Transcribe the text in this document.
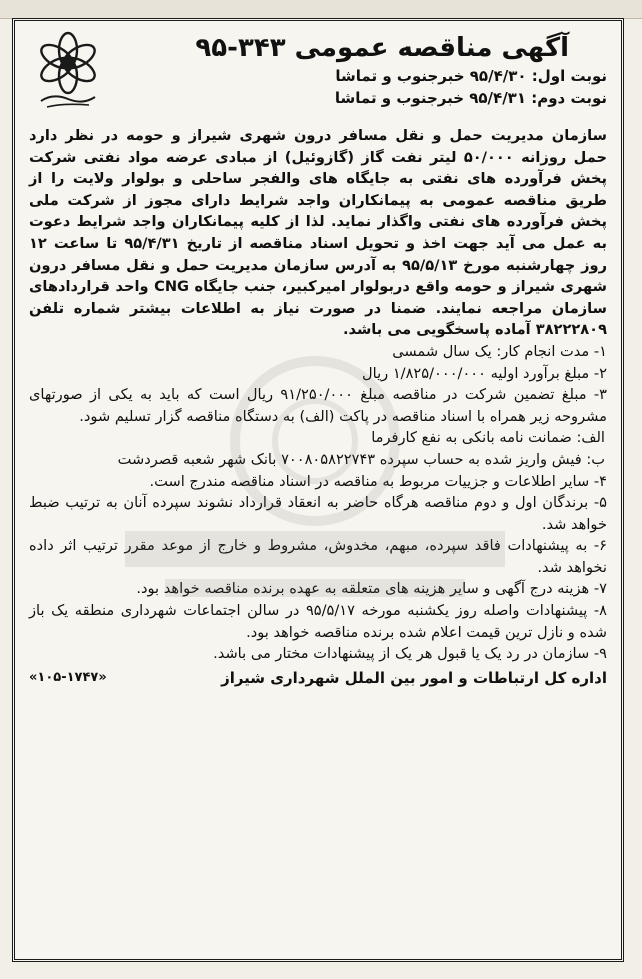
آگهی مناقصه عمومی ۳۴۳-۹۵
نوبت اول: ۹۵/۴/۳۰ خبرجنوب و تماشا
نوبت دوم: ۹۵/۴/۳۱ خبرجنوب و تماشا

سازمان مدیریت حمل و نقل مسافر درون شهری شیراز و حومه در نظر دارد حمل روزانه ۵۰/۰۰۰ لیتر نفت گاز (گازوئیل) از مبادی عرضه مواد نفتی شرکت پخش فرآورده های نفتی به جایگاه های والفجر ساحلی و بولوار ولایت را از طریق مناقصه عمومی به پیمانکاران واجد شرایط دارای مجوز از شرکت ملی پخش فرآورده های نفتی واگذار نماید. لذا از کلیه پیمانکاران واجد شرایط دعوت به عمل می آید جهت اخذ و تحویل اسناد مناقصه از تاریخ ۹۵/۴/۳۱ تا ساعت ۱۲ روز چهارشنبه مورخ ۹۵/۵/۱۳ به آدرس سازمان مدیریت حمل و نقل مسافر درون شهری شیراز و حومه واقع دربولوار امیرکبیر، جنب جایگاه CNG واحد قراردادهای سازمان مراجعه نمایند. ضمنا در صورت نیاز به اطلاعات بیشتر شماره تلفن ۳۸۲۲۲۸۰۹ آماده پاسخگویی می باشد.

۱- مدت انجام کار: یک سال شمسی
۲- مبلغ برآورد اولیه ۱/۸۲۵/۰۰۰/۰۰۰ ریال
۳- مبلغ تضمین شرکت در مناقصه مبلغ ۹۱/۲۵۰/۰۰۰ ریال است که باید به یکی از صورتهای مشروحه زیر همراه با اسناد مناقصه در پاکت (الف) به دستگاه مناقصه گزار تسلیم شود.
الف: ضمانت نامه بانکی به نفع کارفرما
ب: فیش واریز شده به حساب سپرده ۷۰۰۸۰۵۸۲۲۷۴۳ بانک شهر شعبه قصردشت
۴- سایر اطلاعات و جزییات مربوط به مناقصه در اسناد مناقصه مندرج است.
۵- برندگان اول و دوم مناقصه هرگاه حاضر به انعقاد قرارداد نشوند سپرده آنان به ترتیب ضبط خواهد شد.
۶- به پیشنهادات فاقد سپرده، مبهم، مخدوش، مشروط و خارج از موعد مقرر ترتیب اثر داده نخواهد شد.
۷- هزینه درج آگهی و سایر هزینه های متعلقه به عهده برنده مناقصه خواهد بود.
۸- پیشنهادات واصله روز یکشنبه مورخه ۹۵/۵/۱۷ در سالن اجتماعات شهرداری منطقه یک باز شده و نازل ترین قیمت اعلام شده برنده مناقصه خواهد بود.
۹- سازمان در رد یک یا قبول هر یک از پیشنهادات مختار می باشد.
اداره کل ارتباطات و امور بین الملل شهرداری شیراز
«۱۰۵-۱۷۴۷»
